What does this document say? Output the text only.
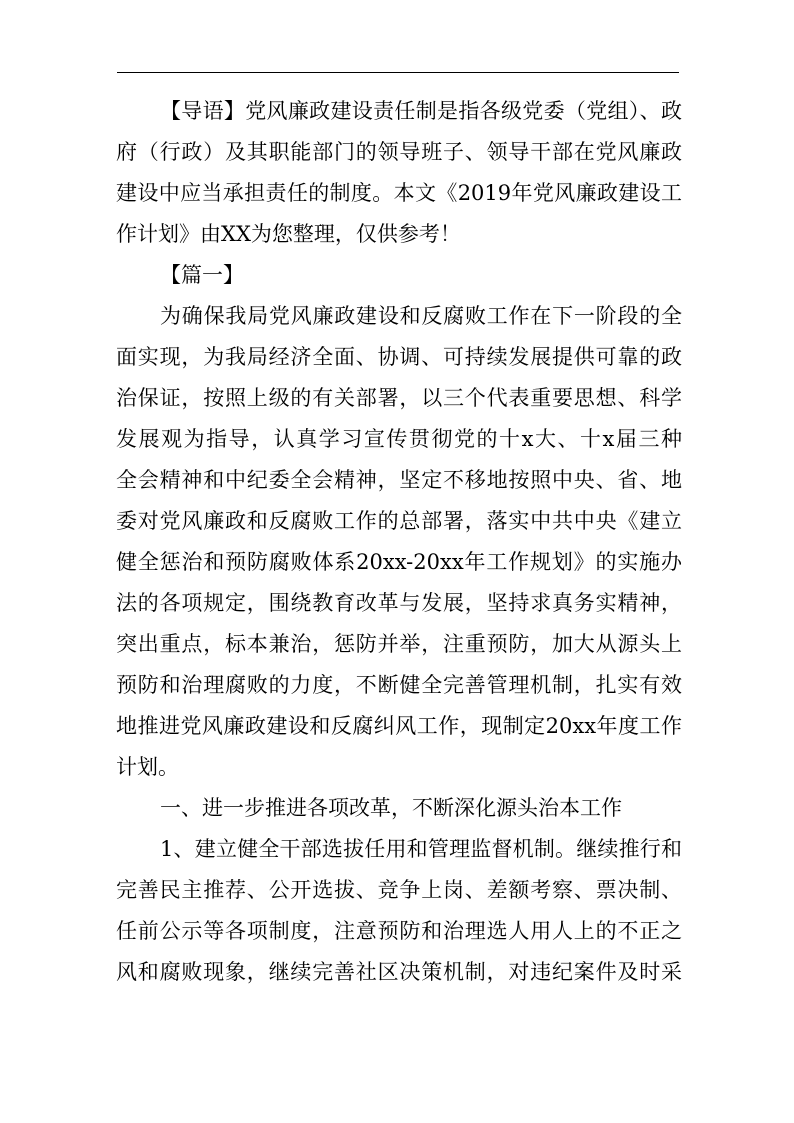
【导语】党风廉政建设责任制是指各级党委（党组）、政
府（行政）及其职能部门的领导班子、领导干部在党风廉政
建设中应当承担责任的制度。本文《2019年党风廉政建设工
作计划》由XX为您整理，仅供参考！
【篇一】
为确保我局党风廉政建设和反腐败工作在下一阶段的全
面实现，为我局经济全面、协调、可持续发展提供可靠的政
治保证，按照上级的有关部署，以三个代表重要思想、科学
发展观为指导，认真学习宣传贯彻党的十x大、十x届三种
全会精神和中纪委全会精神，坚定不移地按照中央、省、地
委对党风廉政和反腐败工作的总部署，落实中共中央《建立
健全惩治和预防腐败体系20xx-20xx年工作规划》的实施办
法的各项规定，围绕教育改革与发展，坚持求真务实精神，
突出重点，标本兼治，惩防并举，注重预防，加大从源头上
预防和治理腐败的力度，不断健全完善管理机制，扎实有效
地推进党风廉政建设和反腐纠风工作，现制定20xx年度工作
计划。
一、进一步推进各项改革，不断深化源头治本工作
1、建立健全干部选拔任用和管理监督机制。继续推行和
完善民主推荐、公开选拔、竞争上岗、差额考察、票决制、
任前公示等各项制度，注意预防和治理选人用人上的不正之
风和腐败现象，继续完善社区决策机制，对违纪案件及时采
